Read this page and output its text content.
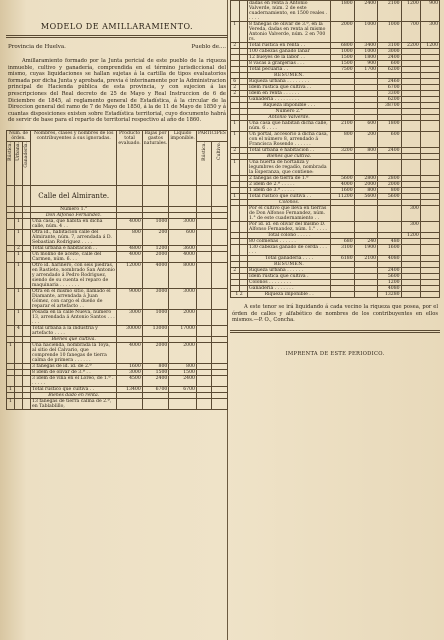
MODELO DE AMILLARAMIENTO.
Provincia de Huelva.	Pueblo de....
Amillaramiento formado por la Junta pericial de este pueblo de la riqueza inmueble, cultivo y ganadería, comprendida en el término jurisdiccional del mismo, cuyas liquidaciones se hallan sujetas á la cartilla de tipos evaluatorios formada por dicha Junta y aprobada, previa é interinamente por la Administracion principal de Hacienda pública de esta provincia, y con sujecion á las prescripciones del Real decreto de 25 de Mayo y Real Instruccion de 6 de Diciembre de 1845, al reglamento general de Estadística, á la circular de la Direccion general del ramo de 7 de Mayo de 1850, á la de 11 de Mayo de 1850 y á cuantas disposiciones existen sobre Estadística territorial, cuyo documento habrá de servir de base para el reparto de territorial respectivo al año de 1860.
Núm. de órden.			Nombres, clases y nombres de los contribuyentes á sus ignoradas.	Producto total evaluado.	Bajas por gastos naturales.	Líquido imponible.	PARTICIPES	
Rústica.	Urbana.	Ganadería.					Rústica.	Cultivo.
			Calle del Almirante.					
			Número 1.°					
			Don Alfonso Fernandez.					
	1		Una casa, que habita en dicha calle, núm. 4 . .	4000	1000	3000		
	1		Otra id., habitacion calle del Almirante, núm. 7, arrendada á D. Sebastian Rodriguez . . . .	800	200	600		
	2		Total urbana é habitacion . .	4800	1200	3600		
	1		Un molino de aceite, calle del Carmen, núm. 6. . .	4000	2000	4000		
	1		Otro id. harinero, con seis piedras, en Rastieto, nombrado San Antonio y arrendado á Pedro Rodriguez, siendo de su cuenta el reparo de maquinaria . . . . . . .	12000	4000	8000		
	1		Otra en el mismo sitio, llamado el Diamante, arrendada á Juan Gómez, con cargo el dueño de reparar el artefacto . .	9000	3000	3000		
	1		Posada en la calle Nueva, número 13, arrendada á Antonio Santos . . . . . .	3000	1000	2000		
	4		Total urbana á la industria y artefacto . . . .	30000	13000	17000		
			Bienes que cultiva.					
1			Una hacienda, nombrada la Toya, al sitio del Calvario, que comprende 10 fanegas de tierra calma de primera . . . . . .	4000	2000	2000		
			3 fanegas de id. id. de 2.ª	1600	800	800		
			8 idem de olivar de 3.ª . .	3000	1500	1500		
			3 idem de viña en el Loreo, de 1.ª . . . . . .	4500	2400	2400		
1			Total rústico que cultiva . .	13400	6700	6700		
			Bienes dado en renta.					
1			13 fanegas de tierra calma de 2.ª, en Tablablillo,					
		dadas en renta á Antonio Valverde, núm. 2 de este cuadernamiento, en 1500 reales . . . . .	1800	2400	2100	1200	900
1		8 fanegas de olivar de 3.ª, en la Vereda, dadas en renta al mismo Antonio Valverde, núm. 2 en 700 rs.	2000	1000	1000	700	300
2		Total rústica en renta . .	6800	3400	3100	2200	1200
		100 cabezas ganado lanar	1000	1000	3000		
		12 bueyes de la labor . .	1500	1800	2400		
		8 vacas á granjerías . . .	1500	900	600		
		Total pecuaria . .	7500	1700	6200		
		RESUMEN.					
6		Riqueza urbana . . . . . . . .			2460		
2		Idem rústica que cultiva . .			6700		
2		Idem en renta . . . . . .			3300		
		Ganadería . . . . . . . . .			6200		
		Riqueza imponible . . .			38700		
		Número 2.°					
		Antonio Valverde.					
1		Una casa que habitan dicha calle, núm. 6 . . . .	2100	600	1800		
1		Un portal, accesorio á dicha casa, con el número 8, arrendado á Francisca Rosendo . . . . . .	800	200	600		
2		Total urbana é habitacion . .	3200	800	2400		
		Bienes que cultiva.					
1		Una huerta de hortaliza y legumbres de regadío, nombrada la Esperanza, que contiene:					
		2 fanegas de tierra de 1.ª	5600	2800	2800		
		2 idem de 2.ª . . . . .	4000	2000	2000		
		1 idem de 3.ª . . . . .	1600	800	800		
1		Total rústico que cultiva . .	11200	5600	5600		
		Colonos.					
		Por el cultivo que lleva en tierras de Don Alfonso Fernandez, núm. 1.° de este cuadernamiento . .				300	
		Por id. id. en olivar del mismo D. Alfonso Fernandez, núm. 1.° . . . .				300	
		Total colono . . . . .				1200	
		80 colmenas . . . . . .	680	240	480		
		130 cabezas ganado de cerda . . . . . .	3100	1900	1600		
		Total ganadería . . . .	6180	2100	4080		
		RESUMEN.					
2		Riqueza urbana . . . . . .			2400		
		Idem rústica que cultiva .			5600		
		Colonos . . . . . . . .			1200		
		Ganadería . . . . . . .			4080		
1 2		Riqueza imponible . .			13280		
A este tenor se irá liquidando á cada vecino la riqueza que posea, por el órden de calles y alfabético de nombres de los contribuyentes en ellos mismos.—P. O., Concha.
IMPRENTA DE ESTE PERIODICO.
